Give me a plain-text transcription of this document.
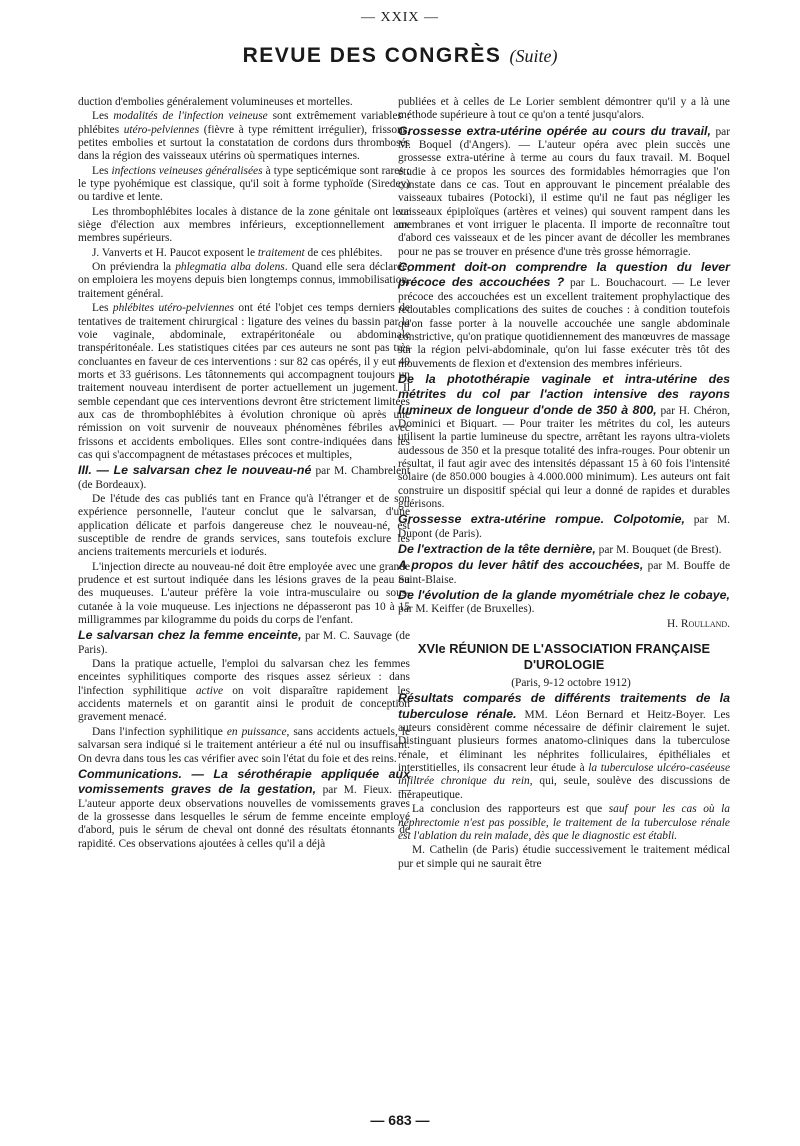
— XXIX —
REVUE DES CONGRÈS (Suite)

duction d'embolies généralement volumineuses et mortelles.

Les modalités de l'infection veineuse sont extrêmement variables : phlébites utéro-pelviennes (fièvre à type rémittent irrégulier), frissons, petites embolies et surtout la constatation de cordons durs thrombosés dans la région des vaisseaux utérins où spermatiques internes.

Les infections veineuses généralisées à type septicémique sont rares : le type pyohémique est classique, qu'il soit à forme typhoïde (Siredey) ou tardive et lente.

Les thrombophlébites locales à distance de la zone génitale ont leur siège d'élection aux membres inférieurs, exceptionnellement aux membres supérieurs.

J. Vanverts et H. Paucot exposent le traitement de ces phlébites.

On préviendra la phlegmatia alba dolens. Quand elle sera déclarée, on emploiera les moyens depuis bien longtemps connus, immobilisation, traitement général.

Les phlébites utéro-pelviennes ont été l'objet ces temps derniers de tentatives de traitement chirurgical : ligature des veines du bassin par la voie vaginale, abdominale, extrapéritonéale ou abdominale transpéritonéale. Les statistiques citées par ces auteurs ne sont pas très concluantes en faveur de ces interventions : sur 82 cas opérés, il y eut 49 morts et 33 guérisons. Les tâtonnements qui accompagnent toujours un traitement nouveau interdisent de porter actuellement un jugement. Il semble cependant que ces interventions devront être strictement limitées aux cas de thrombophlébites à évolution chronique où après une rémission on voit survenir de nouveaux phénomènes fébriles avec frissons et accidents emboliques. Elles sont contre-indiquées dans les cas qui s'accompagnent de métastases précoces et multiples,

III. — Le salvarsan chez le nouveau-né par M. Chambrelent (de Bordeaux).

De l'étude des cas publiés tant en France qu'à l'étranger et de son expérience personnelle, l'auteur conclut que le salvarsan, d'une application délicate et parfois dangereuse chez le nouveau-né, est susceptible de rendre de grands services, sans toutefois exclure les anciens traitements mercuriels et iodurés.

L'injection directe au nouveau-né doit être employée avec une grande prudence et est surtout indiquée dans les lésions graves de la peau ou des muqueuses. L'auteur préfère la voie intra-musculaire ou sous-cutanée à la voie muqueuse. Les injections ne dépasseront pas 10 à 15 milligrammes par kilogramme du poids du corps de l'enfant.

Le salvarsan chez la femme enceinte, par M. C. Sauvage (de Paris).

Dans la pratique actuelle, l'emploi du salvarsan chez les femmes enceintes syphilitiques comporte des risques assez sérieux : dans l'infection syphilitique active on voit disparaître rapidement les accidents maternels et on garantit ainsi le produit de conception gravement menacé.

Dans l'infection syphilitique en puissance, sans accidents actuels, le salvarsan sera indiqué si le traitement antérieur a été nul ou insuffisant. On devra dans tous les cas vérifier avec soin l'état du foie et des reins.

Communications. — La sérothérapie appliquée aux vomissements graves de la gestation, par M. Fieux. — L'auteur apporte deux observations nouvelles de vomissements graves de la grossesse dans lesquelles le sérum de femme enceinte employé d'abord, puis le sérum de cheval ont donné des résultats étonnants de rapidité. Ces observations ajoutées à celles qu'il a déjà

publiées et à celles de Le Lorier semblent démontrer qu'il y a là une méthode supérieure à tout ce qu'on a tenté jusqu'alors.

Grossesse extra-utérine opérée au cours du travail, par M. Boquel (d'Angers). — L'auteur opéra avec plein succès une grossesse extra-utérine à terme au cours du faux travail. M. Boquel étudie à ce propos les sources des formidables hémorragies que l'on constate dans ce cas. Tout en approuvant le pincement préalable des vaisseaux tubaires (Potocki), il estime qu'il ne faut pas négliger les vaisseaux épiploïques (artères et veines) qui souvent rampent dans les membranes et vont irriguer le placenta. Il importe de reconnaître tout d'abord ces vaisseaux et de les pincer avant de décoller les membranes pour ne pas se trouver en présence d'une très grosse hémorragie.

Comment doit-on comprendre la question du lever précoce des accouchées ? par L. Bouchacourt. — Le lever précoce des accouchées est un excellent traitement prophylactique des redoutables complications des suites de couches : à condition toutefois qu'on fasse porter à la nouvelle accouchée une sangle abdominale constrictive, qu'on pratique quotidiennement des manœuvres de massage sur la région pelvi-abdominale, qu'on lui fasse exécuter très tôt des mouvements de flexion et d'extension des membres inférieurs.

De la photothérapie vaginale et intra-utérine des métrites du col par l'action intensive des rayons lumineux de longueur d'onde de 350 à 800, par H. Chéron, Dominici et Biquart. — Pour traiter les métrites du col, les auteurs utilisent la partie lumineuse du spectre, arrêtant les rayons ultra-violets audessous de 350 et la presque totalité des infra-rouges. Pour obtenir un résultat, il faut agir avec des intensités dépassant 15 à 60 fois l'intensité solaire (de 850.000 bougies à 4.000.000 minimum). Les auteurs ont fait construire un dispositif spécial qui leur a donné de rapides et durables guérisons.

Grossesse extra-utérine rompue. Colpotomie, par M. Dupont (de Paris).

De l'extraction de la tête dernière, par M. Bouquet (de Brest).

A propos du lever hâtif des accouchées, par M. Bouffe de Saint-Blaise.

De l'évolution de la glande myométriale chez le cobaye, par M. Keiffer (de Bruxelles).

H. Roulland.

XVIe RÉUNION DE L'ASSOCIATION FRANÇAISE D'UROLOGIE

(Paris, 9-12 octobre 1912)

Résultats comparés de différents traitements de la tuberculose rénale. MM. Léon Bernard et Heitz-Boyer. Les auteurs considèrent comme nécessaire de définir clairement le sujet. Distinguant plusieurs formes anatomo-cliniques dans la tuberculose rénale, et éliminant les néphrites folliculaires, épithéliales et interstitielles, ils consacrent leur étude à la tuberculose ulcéro-caséeuse infiltrée chronique du rein, qui, seule, soulève des discussions de thérapeutique.

La conclusion des rapporteurs est que sauf pour les cas où la néphrectomie n'est pas possible, le traitement de la tuberculose rénale est l'ablation du rein malade, dès que le diagnostic est établi.

M. Cathelin (de Paris) étudie successivement le traitement médical pur et simple qui ne saurait être

— 683 —
